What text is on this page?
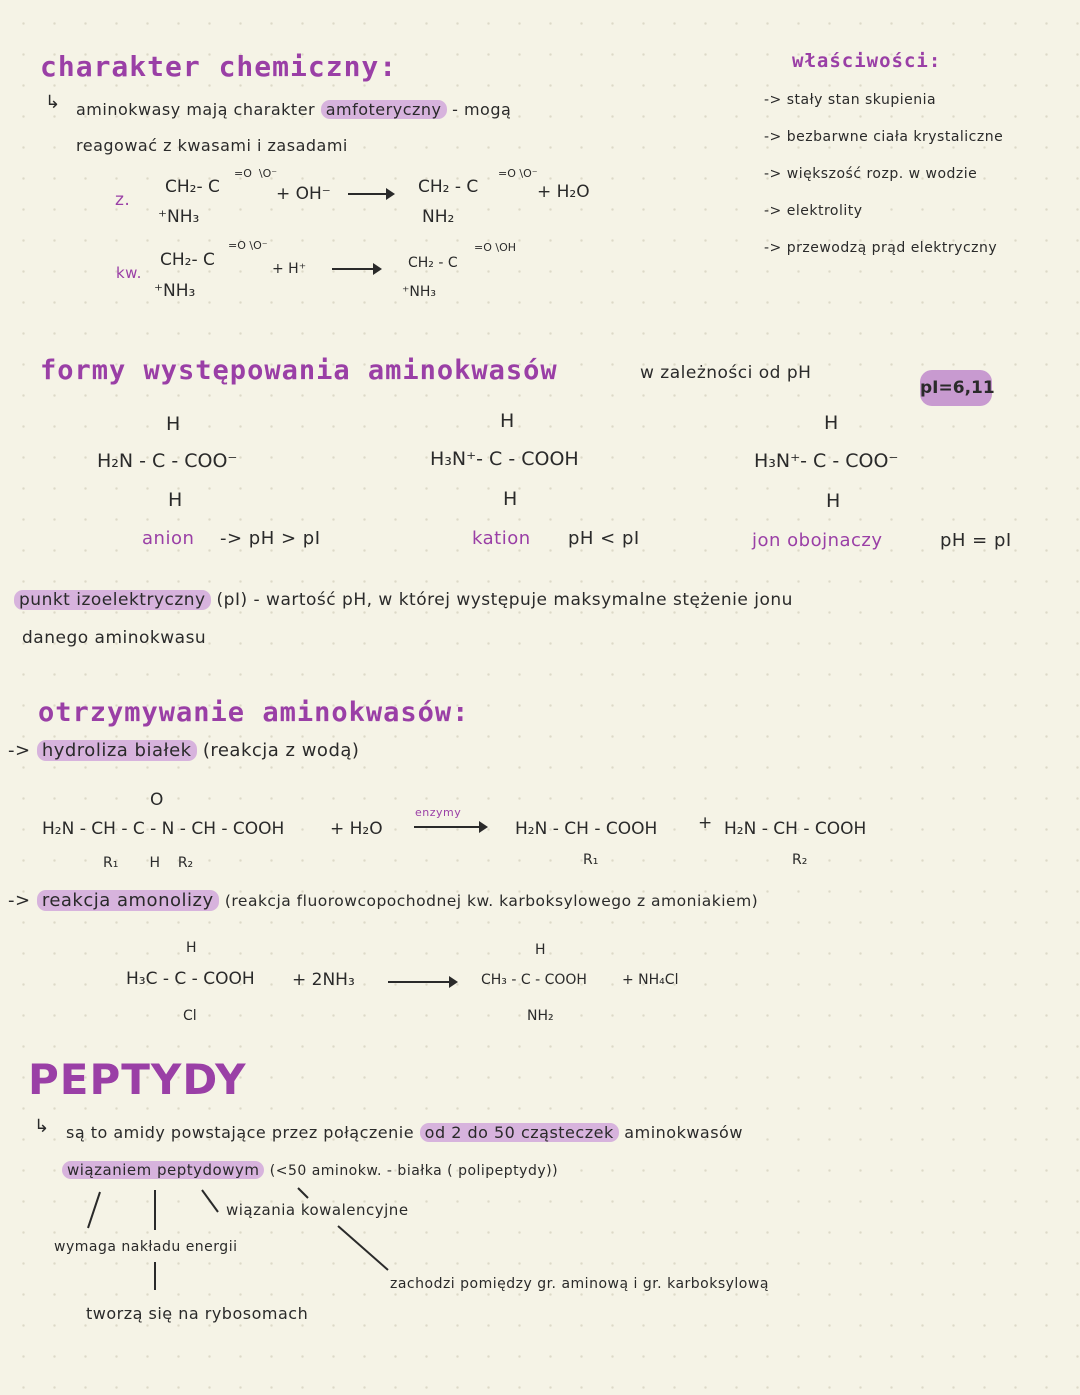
charakter chemiczny:
↳ aminokwasy mają charakter amfoteryczny - mogą
reagować z kwasami i zasadami
z.
CH₂- C
=O  \O⁻
⁺NH₃
+ OH⁻ → CH₂ - C
=O \O⁻
NH₂
+ H₂O
kw.
CH₂- C
=O \O⁻
⁺NH₃
+ H⁺	CH₂ - C
=O \OH
⁺NH₃
właściwości:
-> stały stan skupienia
-> bezbarwne ciała krystaliczne
-> większość rozp. w wodzie
-> elektrolity
-> przewodzą prąd elektryczny
formy występowania aminokwasów	w zależności od pH
pI=6,11
H
H₂N - C - COO⁻
H
anion -> pH > pI
H
H₃N⁺- C - COOH
H
kation pH < pI
H
H₃N⁺- C - COO⁻
H
jon obojnaczy	pH = pI
punkt izoelektryczny (pI) - wartość pH, w której występuje maksymalne stężenie jonu
danego aminokwasu
otrzymywanie aminokwasów:
-> hydroliza białek (reakcja z wodą)
O
H₂N - CH - C - N - CH - COOH
R₁       H    R₂
+ H₂O
enzymy
H₂N - CH - COOH
R₁
+ H₂N - CH - COOH
R₂
-> reakcja amonolizy (reakcja fluorowcopochodnej kw. karboksylowego z amoniakiem)
H
H₃C - C - COOH
Cl
+ 2NH₃
H
CH₃ - C - COOH
NH₂
+ NH₄Cl
PEPTYDY
↳ są to amidy powstające przez połączenie od 2 do 50 cząsteczek aminokwasów
wiązaniem peptydowym (<50 aminokw. - białka ( polipeptydy))
wiązania kowalencyjne
wymaga nakładu energii
zachodzi pomiędzy gr. aminową i gr. karboksylową
tworzą się na rybosomach
